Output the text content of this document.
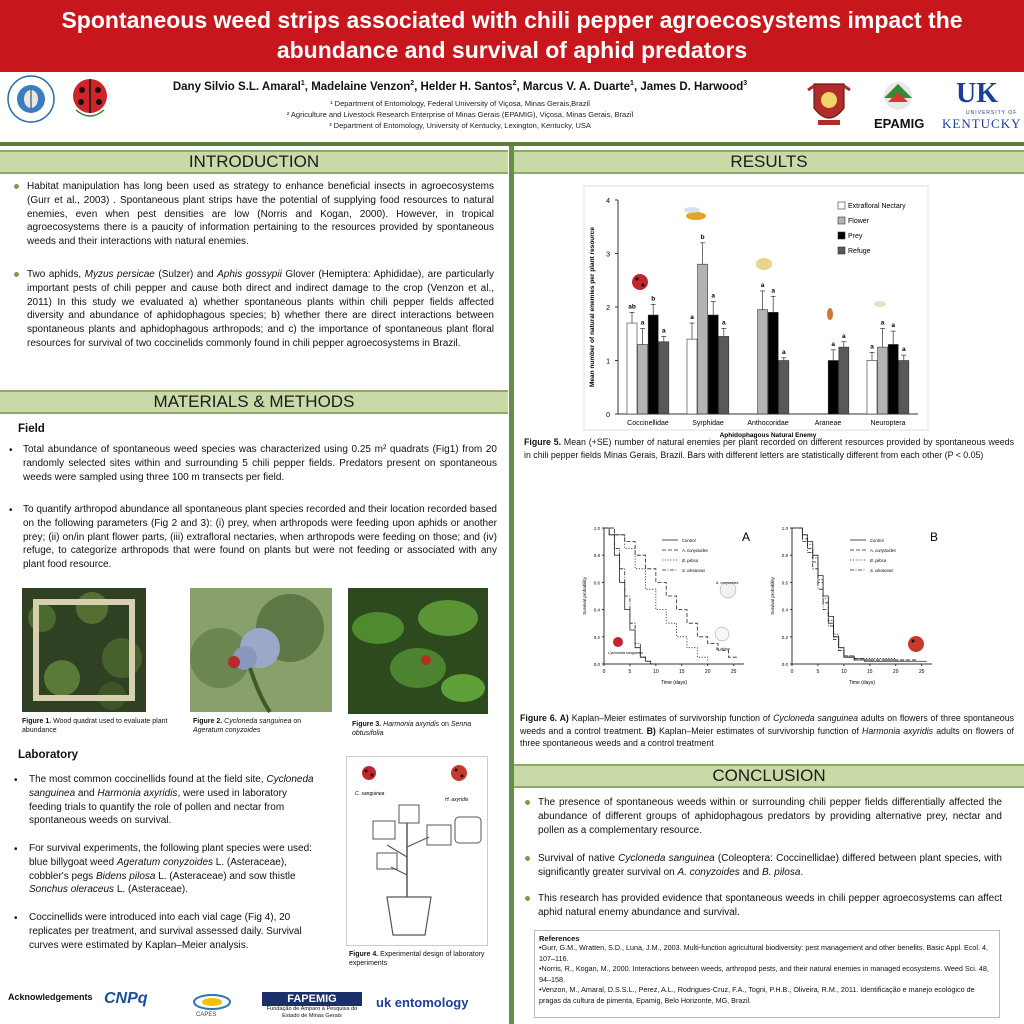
Spontaneous weed strips associated with chili pepper agroecosystems impact the
abundance and survival of aphid predators
Dany Silvio S.L. Amaral$^1$, Madelaine Venzon$^2$, Helder H. Santos$^2$, Marcus V. A. Duarte$^1$, James D. Harwood$^3$
¹ Department of Entomology, Federal University of Viçosa, Minas Gerais,Brazil
² Agriculture and Livestock Research Enterprise of Minas Gerais (EPAMIG), Viçosa, Minas Gerais, Brazil
³ Department of Entomology, University of Kentucky, Lexington, Kentucky, USA	EPAMIG
UK
UNIVERSITY OF
KENTUCKY
INTRODUCTION
Habitat manipulation has long been used as strategy to enhance beneficial insects in agroecosystems (Gurr et al., 2003) . Spontaneous plant strips have the potential of supplying food resources to natural enemies, even when pest densities are low (Norris and Kogan, 2000). However, in tropical agroecosystems there is a paucity of information pertaining to the resources provided by spontaneous weeds and their interactions with natural enemies.
Two aphids, Myzus persicae (Sulzer) and Aphis gossypii Glover (Hemiptera: Aphididae), are particularly important pests of chili pepper and cause both direct and indirect damage to the crop (Venzon et al., 2011) In this study we evaluated a) whether spontaneous plants within chili pepper fields affected diversity and abundance of aphidophagous species; b) whether there are direct interactions between spontaneous plants and aphidophagous arthropods; and c) the importance of spontaneous plant floral resources for survival of two coccinelids commonly found in chili pepper agroecosystems in Brazil.
MATERIALS & METHODS
Field
• Total abundance of spontaneous weed species was characterized using 0.25 m² quadrats (Fig1) from 20 randomly selected sites within and surrounding 5 chili pepper fields. Predators present on spontaneous weeds were sampled using three 100 m transects per field.
• To quantify arthropod abundance all spontaneous plant species recorded and their location recorded based on the following parameters (Fig 2 and 3): (i) prey, when arthropods were feeding upon aphids or another prey; (ii) on/in plant flower parts, (iii) extrafloral nectaries, when arthropods were feeding on those; and (iv) refuge, to categorize arthropods that were found on plants but were not feeding or associated with any plant food resource.
Figure 1. Wood quadrat used to evaluate plant abundance
Figure 2. Cycloneda sanguinea on Ageratum conyzoides
Figure 3. Harmonia axyridis on Senna obtusifolia
Laboratory
• The most common coccinellids found at the field site, Cycloneda sanguinea and Harmonia axyridis, were used in laboratory feeding trials to quantify the role of pollen and nectar from spontaneous weeds on survival.
• For survival experiments, the following plant species were used: blue billygoat weed Ageratum conyzoides L. (Asteraceae), cobbler's pegs Bidens pilosa L. (Asteraceae) and sow thistle Sonchus oleraceus L. (Asteraceae).
• Coccinellids were introduced into each vial cage (Fig 4), 20 replicates per treatment, and survival assessed daily. Survival curves were estimated by Kaplan–Meier analysis.
C. sanguinea
H. axyridis
Figure 4. Experimental design of laboratory experiments
Acknowledgements CNPq
CAPES
FAPEMIG
Fundação de Amparo à Pesquisa do Estado de Minas Gerais
uk entomology
RESULTS
0
1
2
3
4
Mean number of natural enemies per plant resource	ab
a
b
a
Coccinellidae
a
b
a
a
Syrphidae
a
a
a
Anthocoridae
a
a
Araneae
a
a a
a
Neuroptera
Aphidophagous Natural Enemy
Extrafloral Nectary
Flower
Prey
Refuge
Figure 5. Mean (+SE) number of natural enemies per plant recorded on different resources provided by spontaneous weeds in chili pepper fields Minas Gerais, Brazil. Bars with different letters are statistically different from each other (P < 0.05)
1.0
0.8
0.6
0.4
0.2
0.0
0	5	10	15	20	25
Time (days)
Survival probability
Control
A. conyzoides
B. pilosa
S. oleraceus
A
Cycloneda sanguinea
A. conyzoides
B. pilosa
1.0
0.8
0.6
0.4
0.2
0.0
0	5	10	15	20	25
Time (days)
Survival probability
Control
A. conyzoides
B. pilosa
S. oleraceus
B
Figure 6. A) Kaplan–Meier estimates of survivorship function of Cycloneda sanguinea adults on flowers of three spontaneous weeds and a control treatment. B) Kaplan–Meier estimates of survivorship function of Harmonia axyridis adults on flowers of three spontaneous weeds and a control treatment
CONCLUSION
The presence of spontaneous weeds within or surrounding chili pepper fields differentially affected the abundance of different groups of aphidophagous predators by providing alternative prey, nectar and pollen as a complementary resource.
Survival of native Cycloneda sanguinea (Coleoptera: Coccinellidae) differed between plant species, with significantly greater survival on A. conyzoides and B. pilosa.
This research has provided evidence that spontaneous weeds in chili pepper agroecosystems can affect aphid natural enemy abundance and survival.
References
•Gurr, G.M., Wratten, S.D., Luna, J.M., 2003. Multi-function agricultural biodiversity: pest management and other benefits. Basic Appl. Ecol. 4, 107–116.
•Norris, R., Kogan, M., 2000. Interactions between weeds, arthropod pests, and their natural enemies in managed ecosystems. Weed Sci. 48, 94–158.
•Venzon, M., Amaral, D.S.S.L., Perez, A.L., Rodrigues-Cruz, F.A., Togni, P.H.B., Oliveira, R.M., 2011. Identificação e manejo ecológico de pragas da cultura de pimenta, Epamig, Belo Horizonte, MG, Brazil.
